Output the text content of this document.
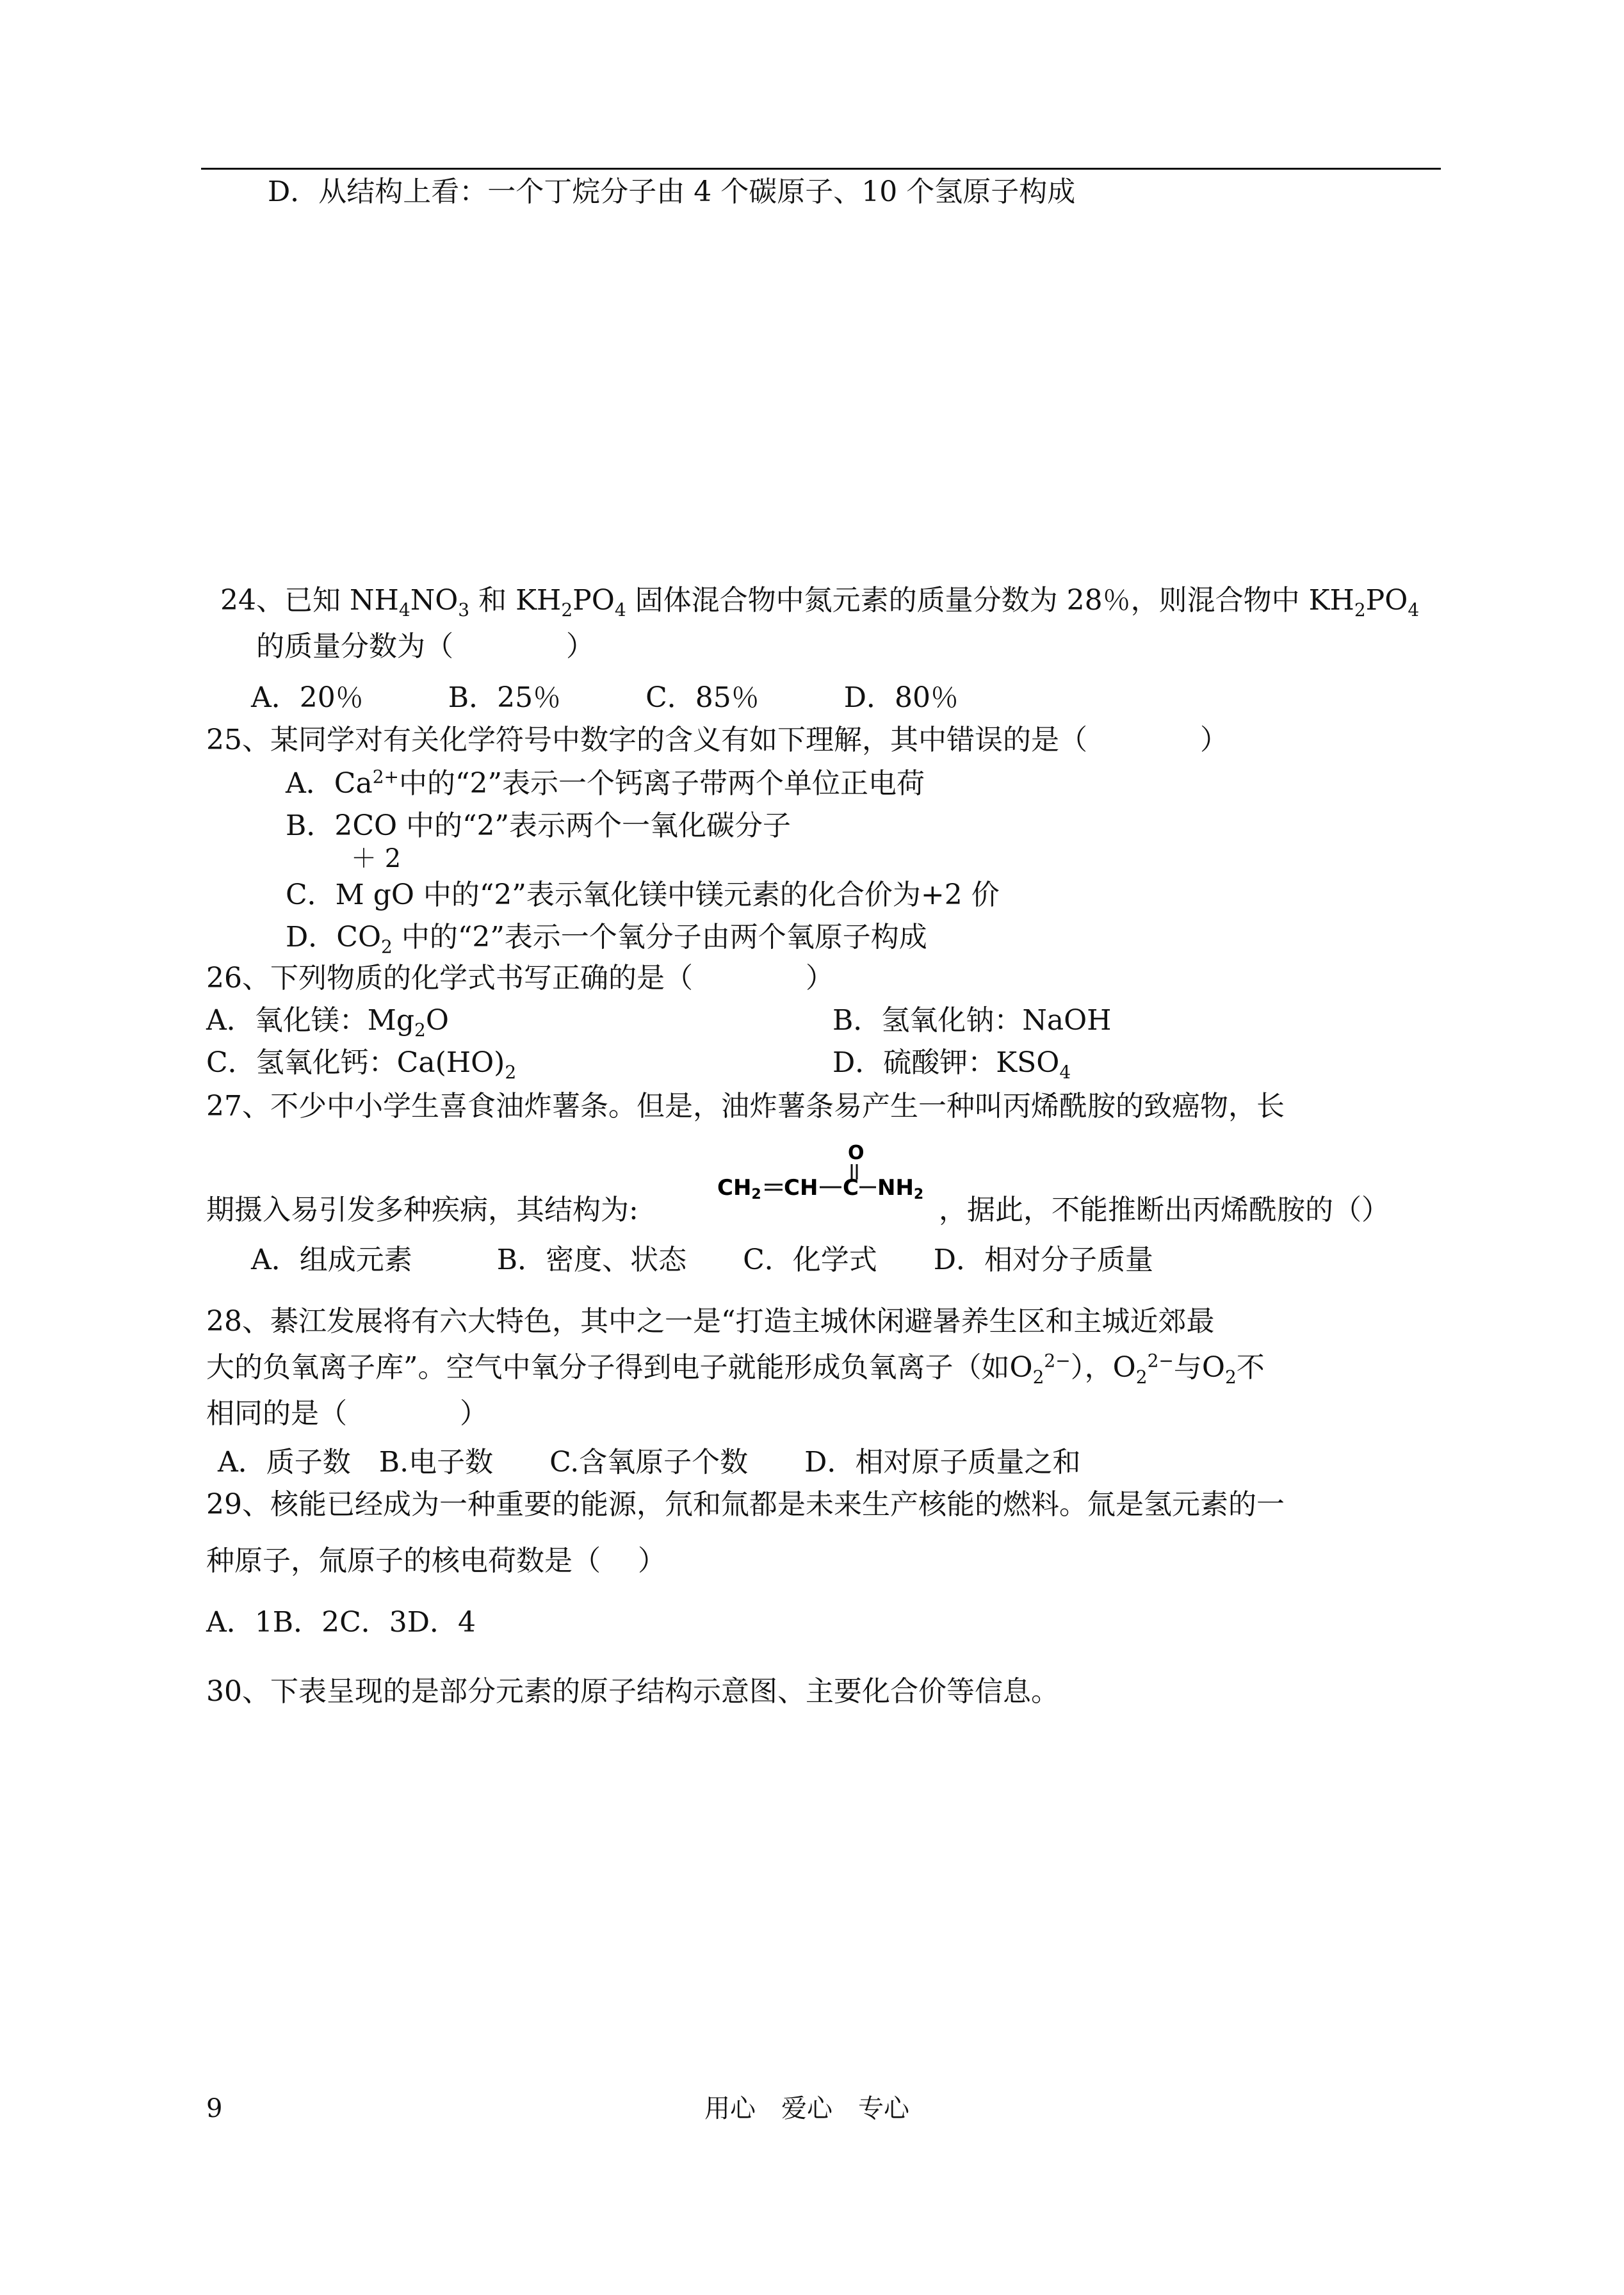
D．从结构上看：一个丁烷分子由 4 个碳原子、10 个氢原子构成
24、已知 $NH_4NO_3$ 和 $KH_2PO_4$ 固体混合物中氮元素的质量分数为 28％，则混合物中 $KH_2PO_4$
的质量分数为（　　　　）
A．20％　　　B．25％　　　C．85％　　　D．80％
25、某同学对有关化学符号中数字的含义有如下理解，其中错误的是（　　　　）
A．$Ca^{2+}$中的“2”表示一个钙离子带两个单位正电荷
B．2CO 中的“2”表示两个一氧化碳分子
＋ 2
C．M gO 中的“2”表示氧化镁中镁元素的化合价为+2 价
D．$CO_2$ 中的“2”表示一个氧分子由两个氧原子构成
26、下列物质的化学式书写正确的是（　　　　）
A．氧化镁：$Mg_2O$	B．氢氧化钠：NaOH
C．氢氧化钙：$Ca(HO)_2$	D．硫酸钾：$KSO_4$
27、不少中小学生喜食油炸薯条。但是，油炸薯条易产生一种叫丙烯酰胺的致癌物，长
期摄入易引发多种疾病，其结构为:
O
CH2 CH C NH2 ，据此，不能推断出丙烯酰胺的（）
A．组成元素　　　B．密度、状态　　C．化学式　　D．相对分子质量
28、綦江发展将有六大特色，其中之一是“打造主城休闲避暑养生区和主城近郊最
大的负氧离子库”。空气中氧分子得到电子就能形成负氧离子（如$O_2^{2-}$），$O_2^{2-}$与$O_2$不
相同的是（　　　　）
A．质子数　B.电子数　　C.含氧原子个数　　D．相对原子质量之和
29、核能已经成为一种重要的能源，氘和氚都是未来生产核能的燃料。氚是氢元素的一
种原子，氚原子的核电荷数是（　 ）
A．1B．2C．3D．4
30、下表呈现的是部分元素的原子结构示意图、主要化合价等信息。
9	用心　爱心　专心
